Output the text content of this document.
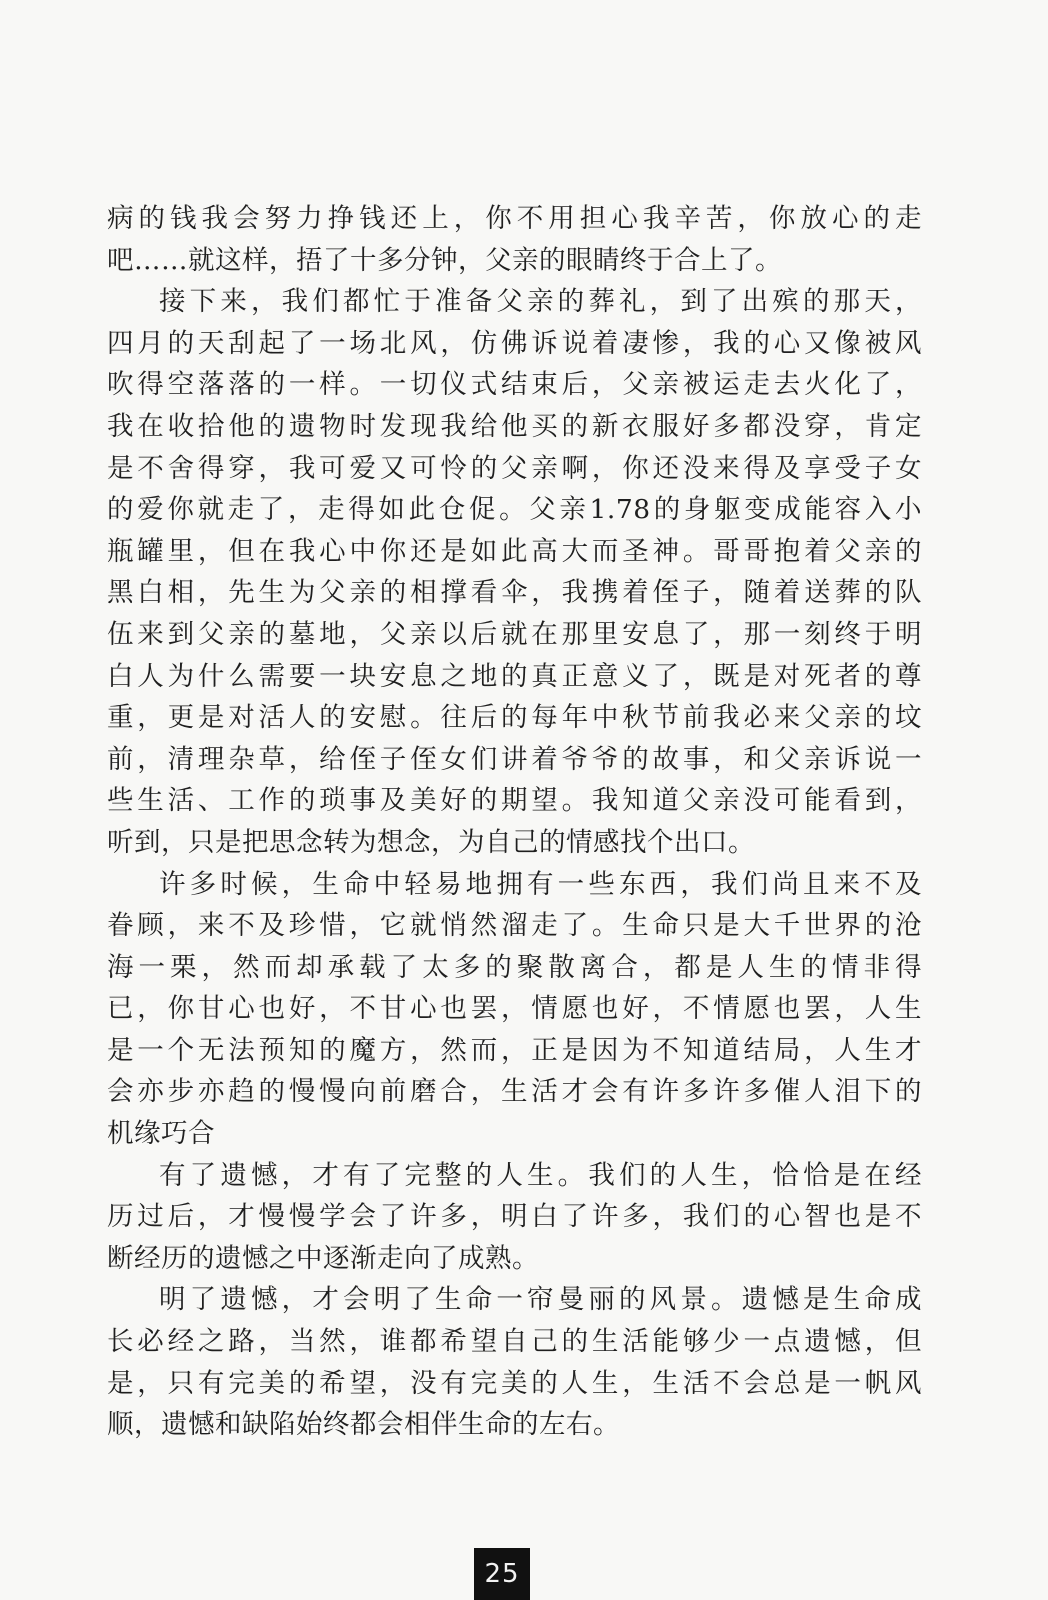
病的钱我会努力挣钱还上，你不用担心我辛苦，你放心的走
吧……就这样，捂了十多分钟，父亲的眼睛终于合上了。
接下来，我们都忙于准备父亲的葬礼，到了出殡的那天，
四月的天刮起了一场北风，仿佛诉说着凄惨，我的心又像被风
吹得空落落的一样。一切仪式结束后，父亲被运走去火化了，
我在收拾他的遗物时发现我给他买的新衣服好多都没穿，肯定
是不舍得穿，我可爱又可怜的父亲啊，你还没来得及享受子女
的爱你就走了，走得如此仓促。父亲1.78的身躯变成能容入小
瓶罐里，但在我心中你还是如此高大而圣神。哥哥抱着父亲的
黑白相，先生为父亲的相撑看伞，我携着侄子，随着送葬的队
伍来到父亲的墓地，父亲以后就在那里安息了，那一刻终于明
白人为什么需要一块安息之地的真正意义了，既是对死者的尊
重，更是对活人的安慰。往后的每年中秋节前我必来父亲的坟
前，清理杂草，给侄子侄女们讲着爷爷的故事，和父亲诉说一
些生活、工作的琐事及美好的期望。我知道父亲没可能看到，
听到，只是把思念转为想念，为自己的情感找个出口。
许多时候，生命中轻易地拥有一些东西，我们尚且来不及
眷顾，来不及珍惜，它就悄然溜走了。生命只是大千世界的沧
海一栗，然而却承载了太多的聚散离合，都是人生的情非得
已，你甘心也好，不甘心也罢，情愿也好，不情愿也罢，人生
是一个无法预知的魔方，然而，正是因为不知道结局，人生才
会亦步亦趋的慢慢向前磨合，生活才会有许多许多催人泪下的
机缘巧合
有了遗憾，才有了完整的人生。我们的人生，恰恰是在经
历过后，才慢慢学会了许多，明白了许多，我们的心智也是不
断经历的遗憾之中逐渐走向了成熟。
明了遗憾，才会明了生命一帘曼丽的风景。遗憾是生命成
长必经之路，当然，谁都希望自己的生活能够少一点遗憾，但
是，只有完美的希望，没有完美的人生，生活不会总是一帆风
顺，遗憾和缺陷始终都会相伴生命的左右。
25
